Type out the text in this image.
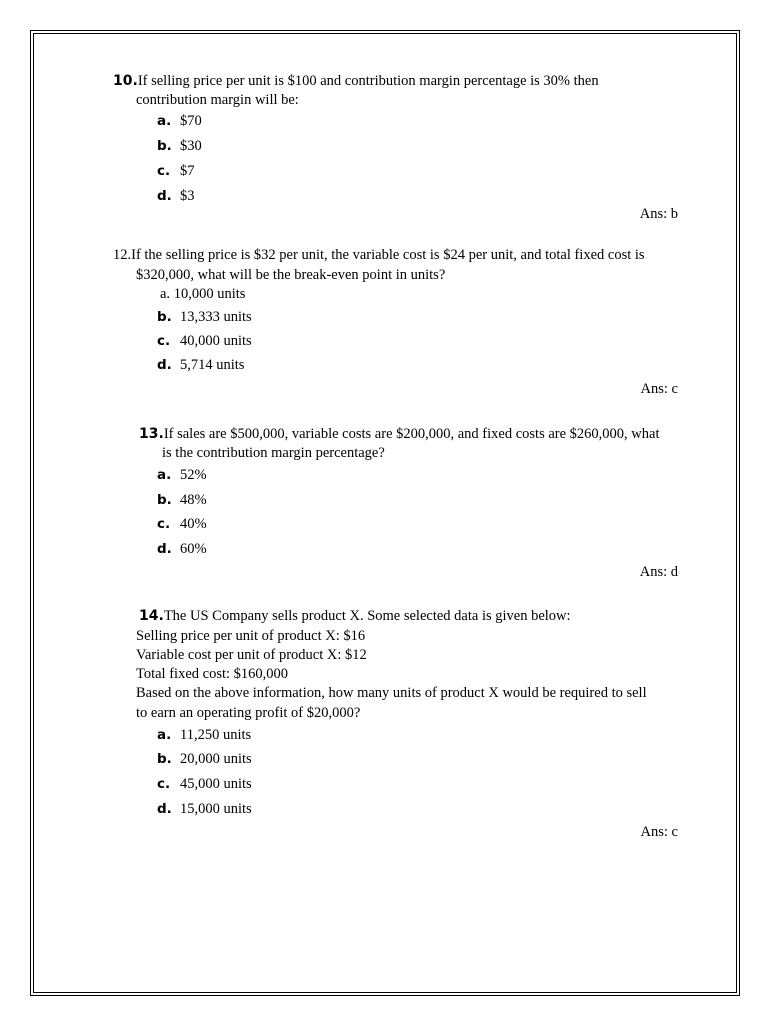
10.If selling price per unit is $100 and contribution margin percentage is 30% then
contribution margin will be:
a. $70
b. $30
c. $7
d. $3
Ans: b
12.If the selling price is $32 per unit, the variable cost is $24 per unit, and total fixed cost is
$320,000, what will be the break-even point in units?
a. 10,000 units
b. 13,333 units
c. 40,000 units
d. 5,714 units
Ans: c
13.If sales are $500,000, variable costs are $200,000, and fixed costs are $260,000, what
is the contribution margin percentage?
a. 52%
b. 48%
c. 40%
d. 60%
Ans: d
14.The US Company sells product X. Some selected data is given below:
Selling price per unit of product X: $16
Variable cost per unit of product X: $12
Total fixed cost: $160,000
Based on the above information, how many units of product X would be required to sell
to earn an operating profit of $20,000?
a. 11,250 units
b. 20,000 units
c. 45,000 units
d. 15,000 units
Ans: c
